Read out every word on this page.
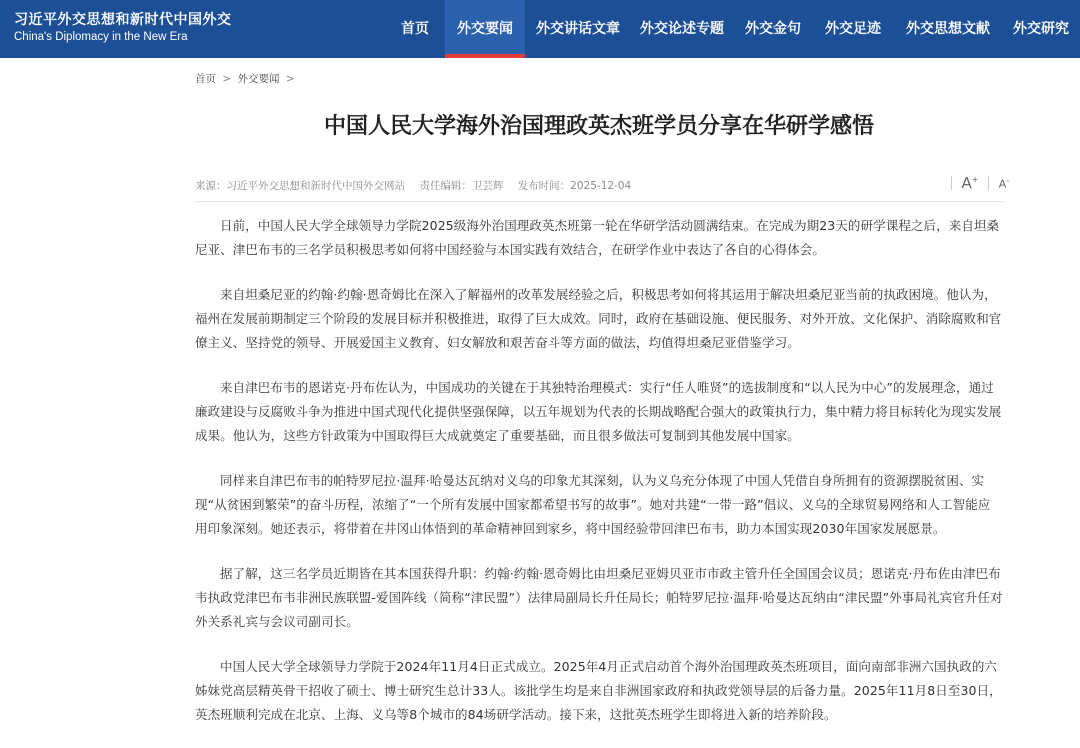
习近平外交思想和新时代中国外交
China's Diplomacy in the New Era	首页	外交要闻	外交讲话文章 外交论述专题 外交金句 外交足迹 外交思想文献	外交研究
首页 > 外交要闻 >
中国人民大学海外治国理政英杰班学员分享在华研学感悟
来源：习近平外交思想和新时代中国外交网站 责任编辑：卫芸辉 发布时间：2025-12-04	A+	A-

日前，中国人民大学全球领导力学院2025级海外治国理政英杰班第一轮在华研学活动圆满结束。在完成为期23天的研学课程之后，来自坦桑尼亚、津巴布韦的三名学员积极思考如何将中国经验与本国实践有效结合，在研学作业中表达了各自的心得体会。

来自坦桑尼亚的约翰·约翰·恩奇姆比在深入了解福州的改革发展经验之后，积极思考如何将其运用于解决坦桑尼亚当前的执政困境。他认为，福州在发展前期制定三个阶段的发展目标并积极推进，取得了巨大成效。同时，政府在基础设施、便民服务、对外开放、文化保护、消除腐败和官僚主义、坚持党的领导、开展爱国主义教育、妇女解放和艰苦奋斗等方面的做法，均值得坦桑尼亚借鉴学习。

来自津巴布韦的恩诺克·丹布佐认为，中国成功的关键在于其独特治理模式：实行“任人唯贤”的选拔制度和“以人民为中心”的发展理念，通过廉政建设与反腐败斗争为推进中国式现代化提供坚强保障，以五年规划为代表的长期战略配合强大的政策执行力，集中精力将目标转化为现实发展成果。他认为，这些方针政策为中国取得巨大成就奠定了重要基础，而且很多做法可复制到其他发展中国家。

同样来自津巴布韦的帕特罗尼拉·温拜·哈曼达瓦纳对义乌的印象尤其深刻，认为义乌充分体现了中国人凭借自身所拥有的资源摆脱贫困、实现“从贫困到繁荣”的奋斗历程，浓缩了“一个所有发展中国家都希望书写的故事”。她对共建“一带一路”倡议、义乌的全球贸易网络和人工智能应用印象深刻。她还表示，将带着在井冈山体悟到的革命精神回到家乡，将中国经验带回津巴布韦，助力本国实现2030年国家发展愿景。

据了解，这三名学员近期皆在其本国获得升职：约翰·约翰·恩奇姆比由坦桑尼亚姆贝亚市市政主管升任全国国会议员；恩诺克·丹布佐由津巴布韦执政党津巴布韦非洲民族联盟-爱国阵线（简称“津民盟”）法律局副局长升任局长；帕特罗尼拉·温拜·哈曼达瓦纳由“津民盟”外事局礼宾官升任对外关系礼宾与会议司副司长。

中国人民大学全球领导力学院于2024年11月4日正式成立。2025年4月正式启动首个海外治国理政英杰班项目，面向南部非洲六国执政的六姊妹党高层精英骨干招收了硕士、博士研究生总计33人。该批学生均是来自非洲国家政府和执政党领导层的后备力量。2025年11月8日至30日，英杰班顺利完成在北京、上海、义乌等8个城市的84场研学活动。接下来，这批英杰班学生即将进入新的培养阶段。
